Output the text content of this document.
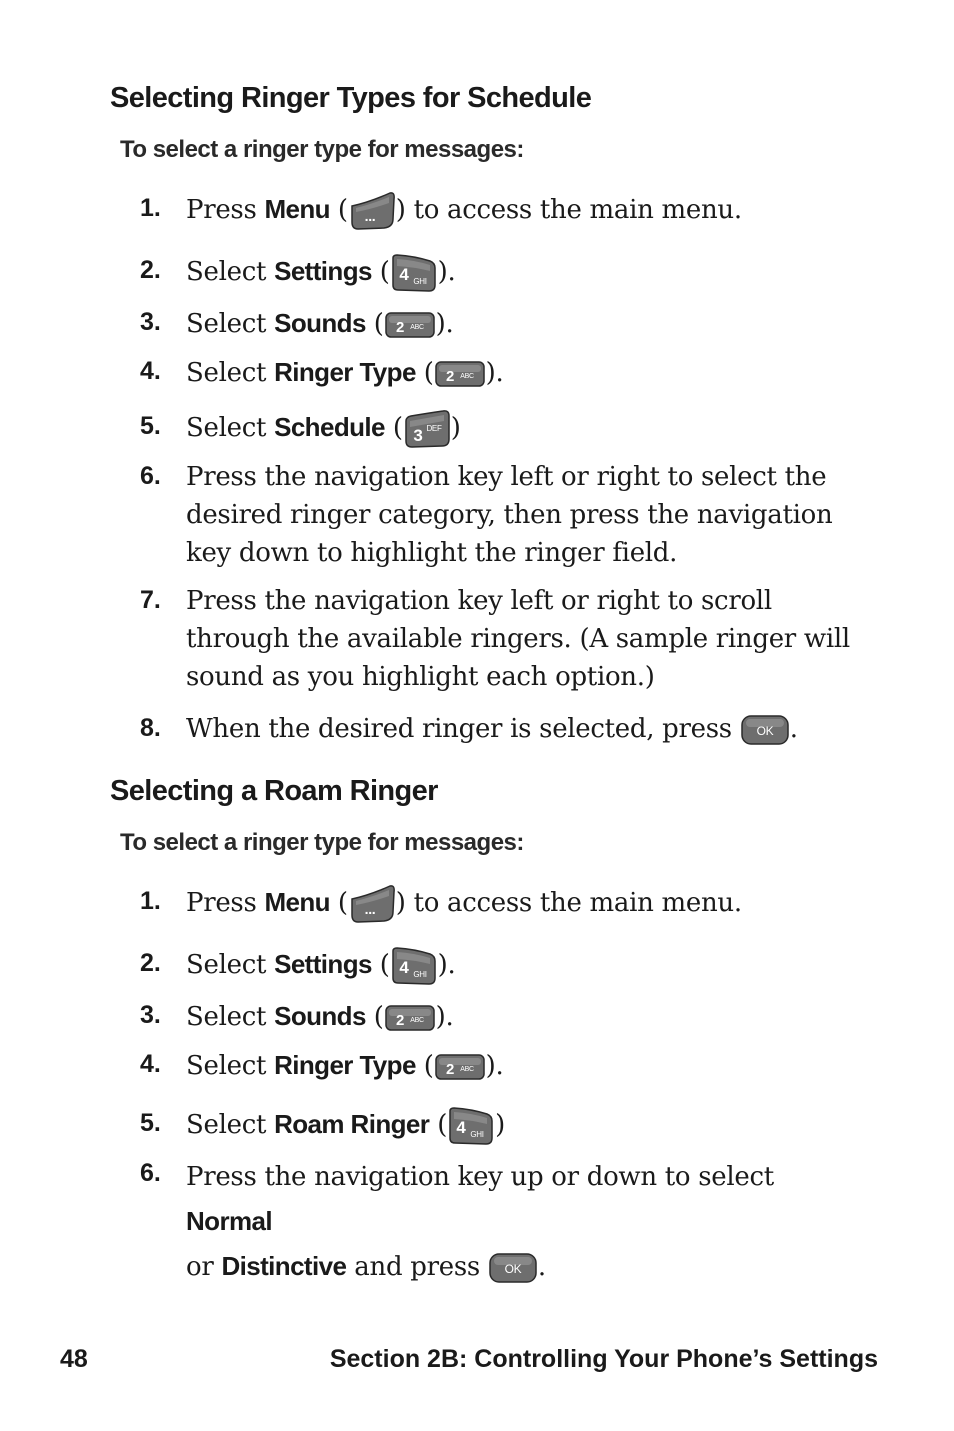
Selecting Ringer Types for Schedule

To select a ringer type for messages:

1. Press Menu ( ... ) to access the main menu.
2. Select Settings ( 4 GHI ).
3. Select Sounds ( 2 ABC ).
4. Select Ringer Type ( 2 ABC ).
5. Select Schedule ( 3 DEF )
6. Press the navigation key left or right to select the desired ringer category, then press the navigation key down to highlight the ringer field.
7. Press the navigation key left or right to scroll through the available ringers. (A sample ringer will sound as you highlight each option.)
8. When the desired ringer is selected, press OK .
Selecting a Roam Ringer

To select a ringer type for messages:

1. Press Menu ( ... ) to access the main menu.
2. Select Settings ( 4 GHI ).
3. Select Sounds ( 2 ABC ).
4. Select Ringer Type ( 2 ABC ).
5. Select Roam Ringer ( 4 GHI )
6. Press the navigation key up or down to select Normal
or Distinctive and press OK .
48	Section 2B: Controlling Your Phone’s Settings
